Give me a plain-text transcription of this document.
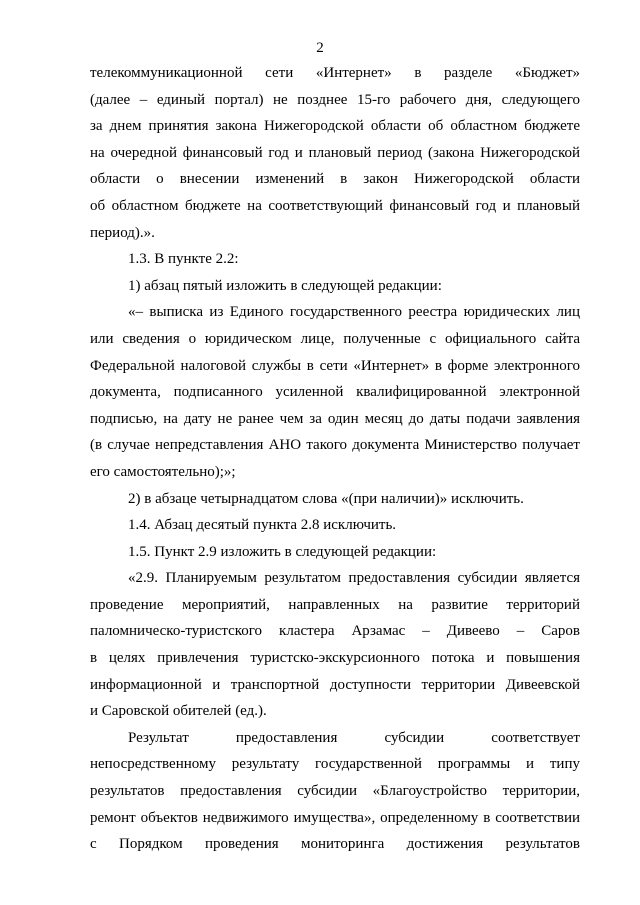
2
телекоммуникационной сети «Интернет» в разделе «Бюджет»
(далее – единый портал) не позднее 15-го рабочего дня, следующего
за днем принятия закона Нижегородской области об областном бюджете
на очередной финансовый год и плановый период (закона Нижегородской
области о внесении изменений в закон Нижегородской области
об областном бюджете на соответствующий финансовый год и плановый
период).».
1.3. В пункте 2.2:
1) абзац пятый изложить в следующей редакции:
«– выписка из Единого государственного реестра юридических лиц
или сведения о юридическом лице, полученные с официального сайта
Федеральной налоговой службы в сети «Интернет» в форме электронного
документа, подписанного усиленной квалифицированной электронной
подписью, на дату не ранее чем за один месяц до даты подачи заявления
(в случае непредставления АНО такого документа Министерство получает
его самостоятельно);»;
2) в абзаце четырнадцатом слова «(при наличии)» исключить.
1.4. Абзац десятый пункта 2.8 исключить.
1.5. Пункт 2.9 изложить в следующей редакции:
«2.9. Планируемым результатом предоставления субсидии является
проведение мероприятий, направленных на развитие территорий
паломническо-туристского кластера Арзамас – Дивеево – Саров
в целях привлечения туристско-экскурсионного потока и повышения
информационной и транспортной доступности территории Дивеевской
и Саровской обителей (ед.).
Результат предоставления субсидии соответствует
непосредственному результату государственной программы и типу
результатов предоставления субсидии «Благоустройство территории,
ремонт объектов недвижимого имущества», определенному в соответствии
с Порядком проведения мониторинга достижения результатов
